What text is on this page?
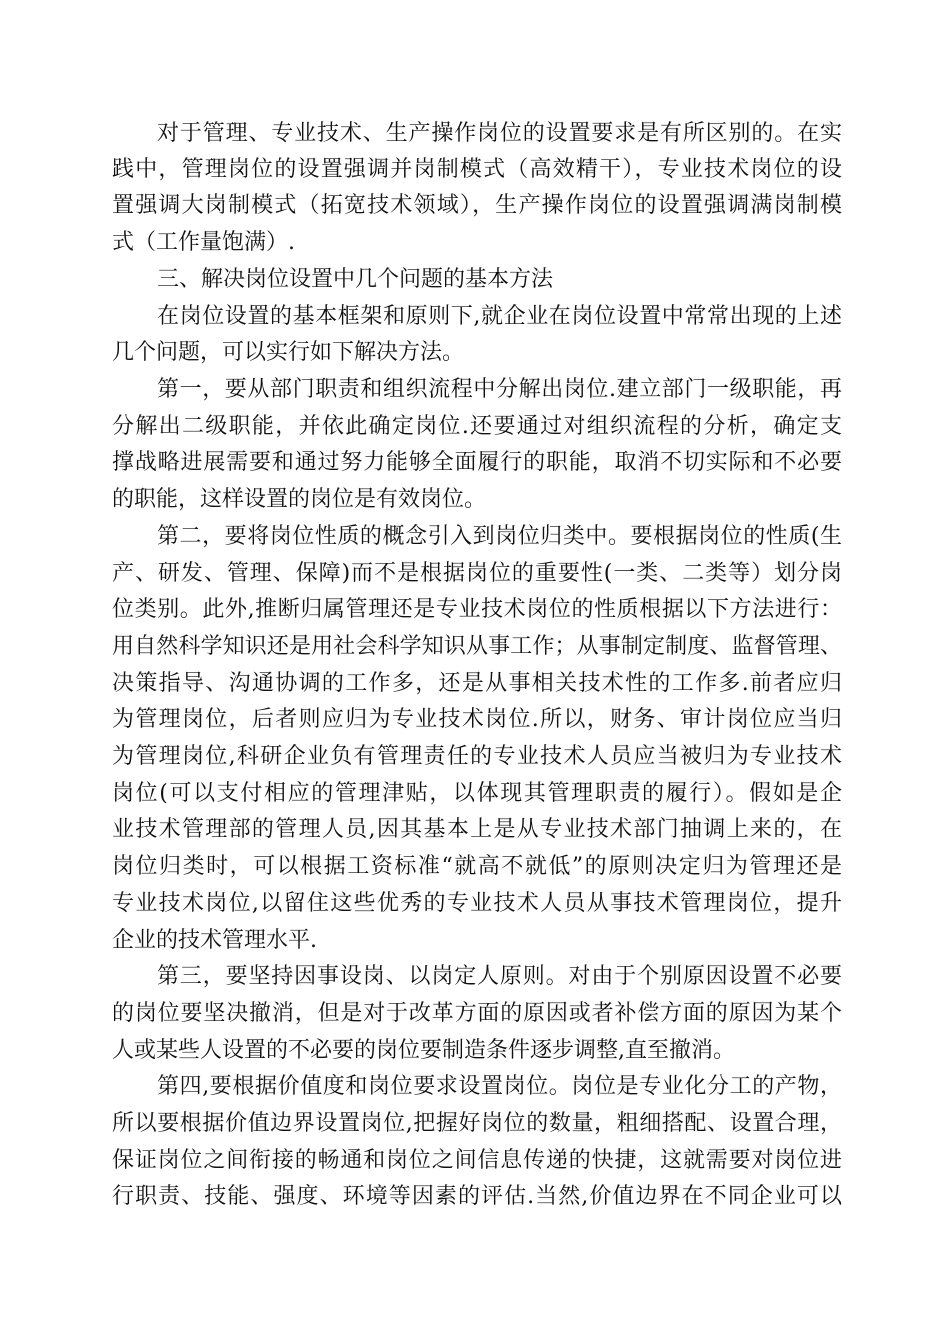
对于管理、专业技术、生产操作岗位的设置要求是有所区别的。在实
践中，管理岗位的设置强调并岗制模式（高效精干），专业技术岗位的设
置强调大岗制模式（拓宽技术领域），生产操作岗位的设置强调满岗制模
式（工作量饱满）.
三、解决岗位设置中几个问题的基本方法
在岗位设置的基本框架和原则下,就企业在岗位设置中常常出现的上述
几个问题，可以实行如下解决方法。
第一，要从部门职责和组织流程中分解出岗位.建立部门一级职能，再
分解出二级职能，并依此确定岗位.还要通过对组织流程的分析，确定支
撑战略进展需要和通过努力能够全面履行的职能，取消不切实际和不必要
的职能，这样设置的岗位是有效岗位。
第二，要将岗位性质的概念引入到岗位归类中。要根据岗位的性质(生
产、研发、管理、保障)而不是根据岗位的重要性(一类、二类等）划分岗
位类别。此外,推断归属管理还是专业技术岗位的性质根据以下方法进行：
用自然科学知识还是用社会科学知识从事工作；从事制定制度、监督管理、
决策指导、沟通协调的工作多，还是从事相关技术性的工作多.前者应归
为管理岗位，后者则应归为专业技术岗位.所以，财务、审计岗位应当归
为管理岗位,科研企业负有管理责任的专业技术人员应当被归为专业技术
岗位(可以支付相应的管理津贴，以体现其管理职责的履行）。假如是企
业技术管理部的管理人员,因其基本上是从专业技术部门抽调上来的，在
岗位归类时，可以根据工资标准“就高不就低”的原则决定归为管理还是
专业技术岗位,以留住这些优秀的专业技术人员从事技术管理岗位，提升
企业的技术管理水平.
第三，要坚持因事设岗、以岗定人原则。对由于个别原因设置不必要
的岗位要坚决撤消，但是对于改革方面的原因或者补偿方面的原因为某个
人或某些人设置的不必要的岗位要制造条件逐步调整,直至撤消。
第四,要根据价值度和岗位要求设置岗位。岗位是专业化分工的产物，
所以要根据价值边界设置岗位,把握好岗位的数量，粗细搭配、设置合理，
保证岗位之间衔接的畅通和岗位之间信息传递的快捷，这就需要对岗位进
行职责、技能、强度、环境等因素的评估.当然,价值边界在不同企业可以
